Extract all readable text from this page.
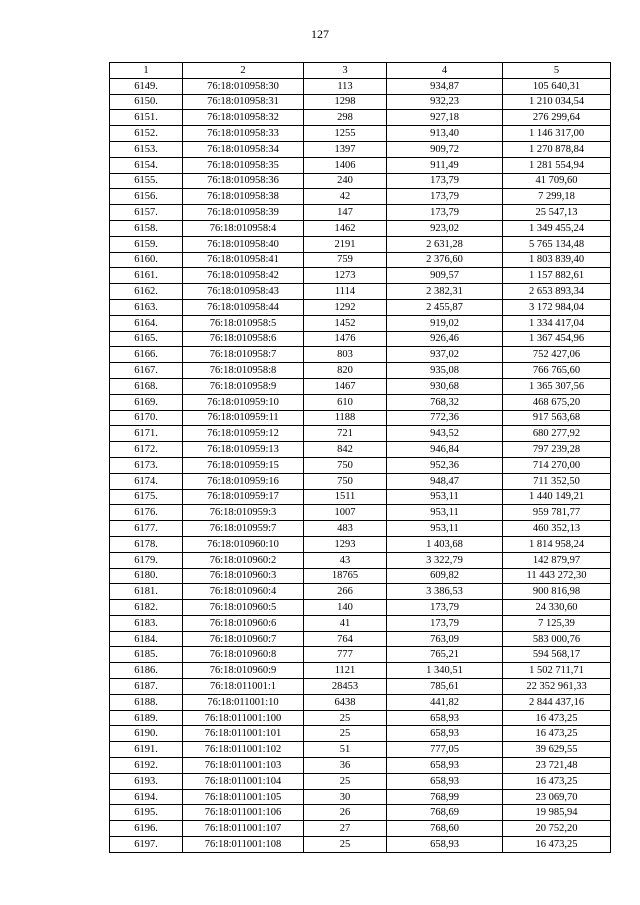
127
1	2	3	4	5
6149.	76:18:010958:30	113	934,87	105 640,31
6150.	76:18:010958:31	1298	932,23	1 210 034,54
6151.	76:18:010958:32	298	927,18	276 299,64
6152.	76:18:010958:33	1255	913,40	1 146 317,00
6153.	76:18:010958:34	1397	909,72	1 270 878,84
6154.	76:18:010958:35	1406	911,49	1 281 554,94
6155.	76:18:010958:36	240	173,79	41 709,60
6156.	76:18:010958:38	42	173,79	7 299,18
6157.	76:18:010958:39	147	173,79	25 547,13
6158.	76:18:010958:4	1462	923,02	1 349 455,24
6159.	76:18:010958:40	2191	2 631,28	5 765 134,48
6160.	76:18:010958:41	759	2 376,60	1 803 839,40
6161.	76:18:010958:42	1273	909,57	1 157 882,61
6162.	76:18:010958:43	1114	2 382,31	2 653 893,34
6163.	76:18:010958:44	1292	2 455,87	3 172 984,04
6164.	76:18:010958:5	1452	919,02	1 334 417,04
6165.	76:18:010958:6	1476	926,46	1 367 454,96
6166.	76:18:010958:7	803	937,02	752 427,06
6167.	76:18:010958:8	820	935,08	766 765,60
6168.	76:18:010958:9	1467	930,68	1 365 307,56
6169.	76:18:010959:10	610	768,32	468 675,20
6170.	76:18:010959:11	1188	772,36	917 563,68
6171.	76:18:010959:12	721	943,52	680 277,92
6172.	76:18:010959:13	842	946,84	797 239,28
6173.	76:18:010959:15	750	952,36	714 270,00
6174.	76:18:010959:16	750	948,47	711 352,50
6175.	76:18:010959:17	1511	953,11	1 440 149,21
6176.	76:18:010959:3	1007	953,11	959 781,77
6177.	76:18:010959:7	483	953,11	460 352,13
6178.	76:18:010960:10	1293	1 403,68	1 814 958,24
6179.	76:18:010960:2	43	3 322,79	142 879,97
6180.	76:18:010960:3	18765	609,82	11 443 272,30
6181.	76:18:010960:4	266	3 386,53	900 816,98
6182.	76:18:010960:5	140	173,79	24 330,60
6183.	76:18:010960:6	41	173,79	7 125,39
6184.	76:18:010960:7	764	763,09	583 000,76
6185.	76:18:010960:8	777	765,21	594 568,17
6186.	76:18:010960:9	1121	1 340,51	1 502 711,71
6187.	76:18:011001:1	28453	785,61	22 352 961,33
6188.	76:18:011001:10	6438	441,82	2 844 437,16
6189.	76:18:011001:100	25	658,93	16 473,25
6190.	76:18:011001:101	25	658,93	16 473,25
6191.	76:18:011001:102	51	777,05	39 629,55
6192.	76:18:011001:103	36	658,93	23 721,48
6193.	76:18:011001:104	25	658,93	16 473,25
6194.	76:18:011001:105	30	768,99	23 069,70
6195.	76:18:011001:106	26	768,69	19 985,94
6196.	76:18:011001:107	27	768,60	20 752,20
6197.	76:18:011001:108	25	658,93	16 473,25
